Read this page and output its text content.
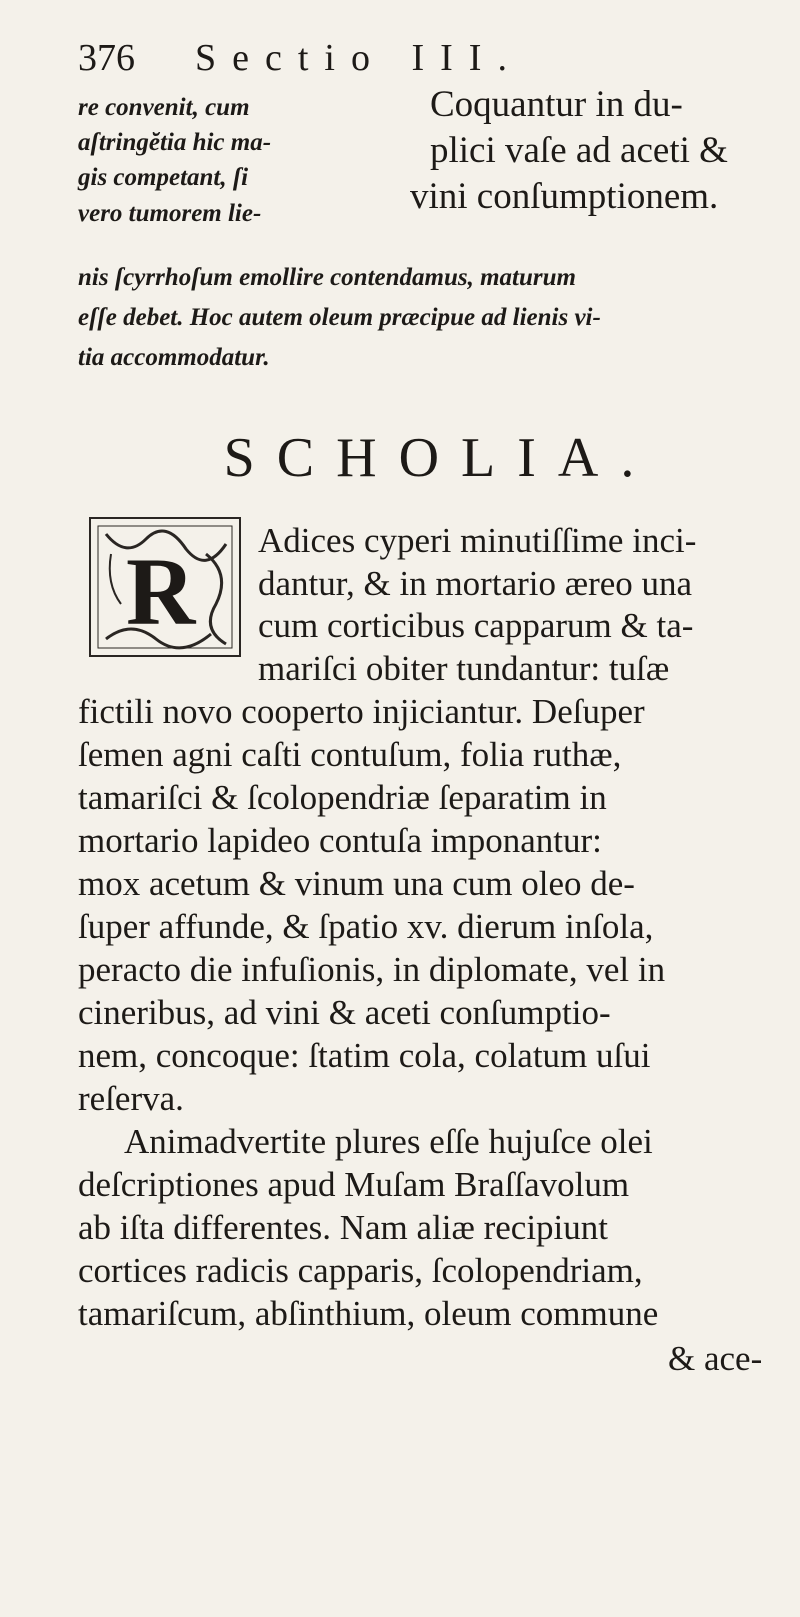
376 Sectio III.
re convenit, cum
aſtringĕtia hic ma-
gis competant, ſi
vero tumorem lie-
Coquantur in du-
plici vaſe ad aceti &
vini conſumptionem.
nis ſcyrrhoſum emollire contendamus, maturum
eſſe debet. Hoc autem oleum præcipue ad lienis vi-
tia accommodatur.
SCHOLIA.
R Adices cyperi minutiſſime inci-
dantur, & in mortario æreo una
cum corticibus capparum & ta-
mariſci obiter tundantur: tuſæ
fictili novo cooperto injiciantur. Deſuper
ſemen agni caſti contuſum, folia ruthæ,
tamariſci & ſcolopendriæ ſeparatim in
mortario lapideo contuſa imponantur:
mox acetum & vinum una cum oleo de-
ſuper affunde, & ſpatio xv. dierum inſola,
peracto die infuſionis, in diplomate, vel in
cineribus, ad vini & aceti conſumptio-
nem, concoque: ſtatim cola, colatum uſui
reſerva.
Animadvertite plures eſſe hujuſce olei
deſcriptiones apud Muſam Braſſavolum
ab iſta differentes. Nam aliæ recipiunt
cortices radicis capparis, ſcolopendriam,
tamariſcum, abſinthium, oleum commune
& ace-
